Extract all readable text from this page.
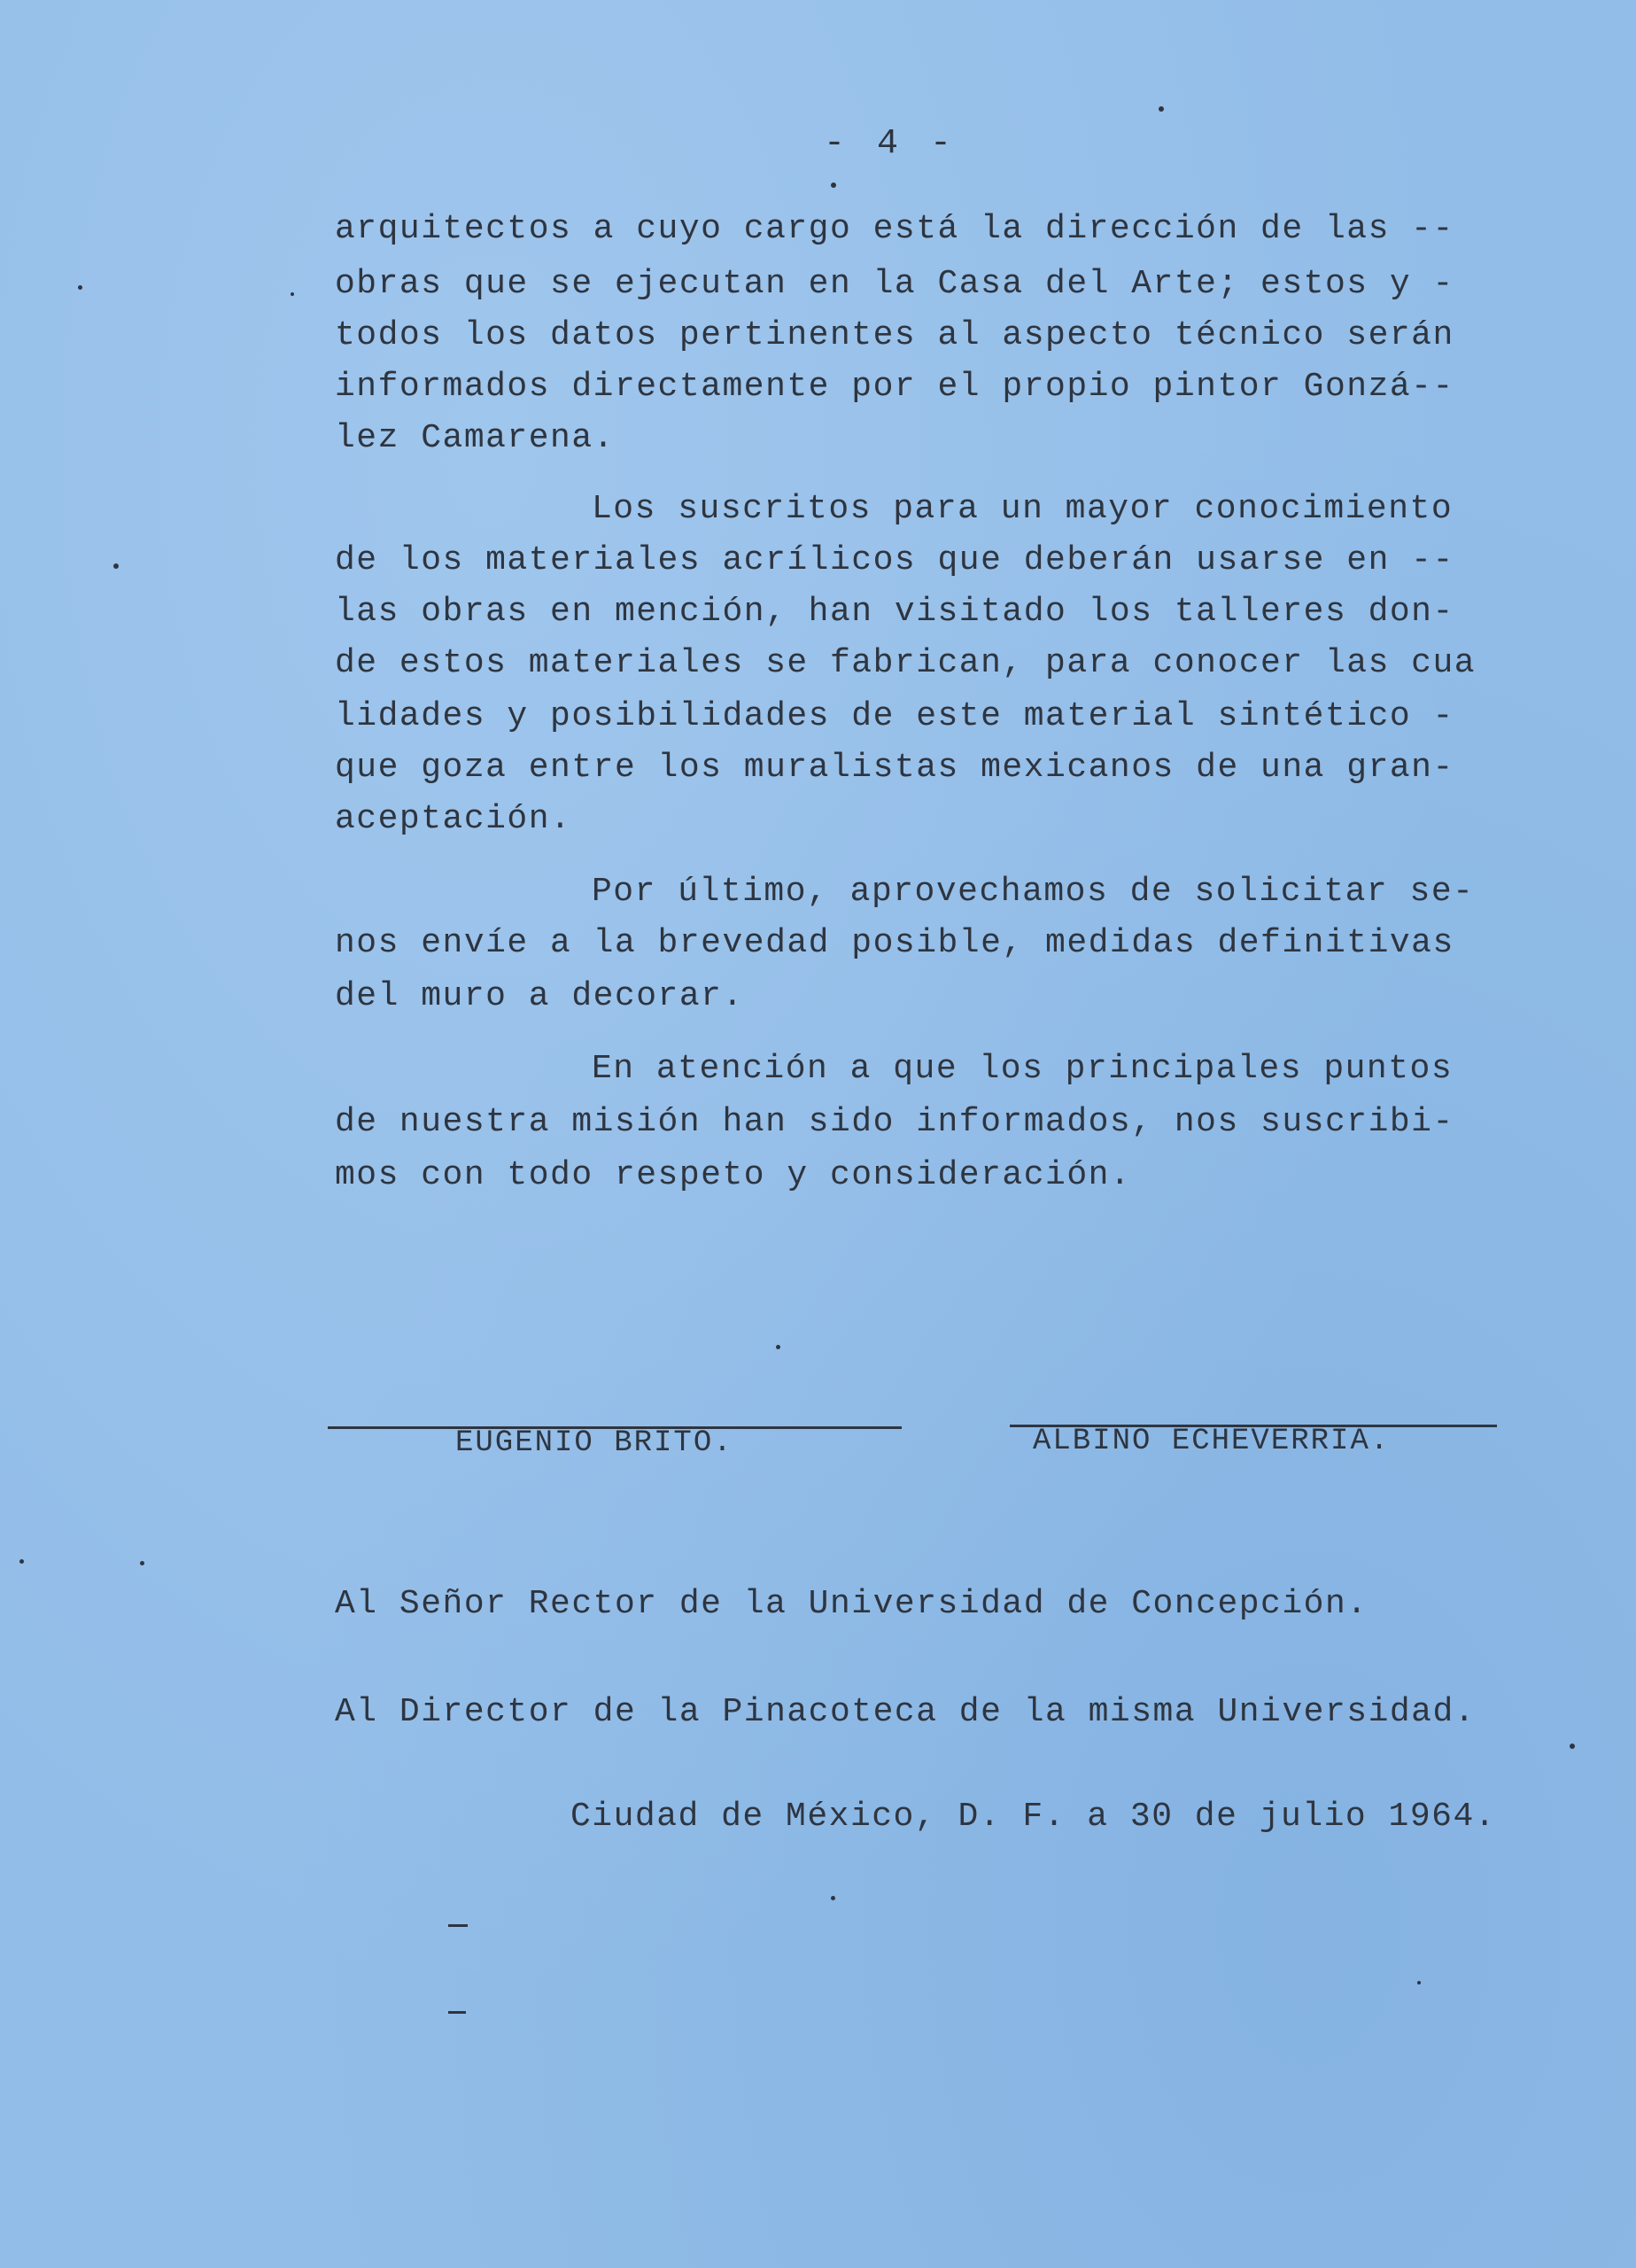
- 4 -
arquitectos a cuyo cargo está la dirección de las --
obras que se ejecutan en la Casa del Arte; estos y -
todos los datos pertinentes al aspecto técnico serán
informados directamente por el propio pintor Gonzá--
lez Camarena.
Los suscritos para un mayor conocimiento
de los materiales acrílicos que deberán usarse en --
las obras en mención, han visitado los talleres don-
de estos materiales se fabrican, para conocer las cua
lidades y posibilidades de este material sintético -
que goza entre los muralistas mexicanos de una gran-
aceptación.
Por último, aprovechamos de solicitar se-
nos envíe a la brevedad posible, medidas definitivas
del muro a decorar.
En atención a que los principales puntos
de nuestra misión han sido informados, nos suscribi-
mos con todo respeto y consideración.
EUGENIO BRITO.	ALBINO ECHEVERRIA.
Al Señor Rector de la Universidad de Concepción.
Al Director de la Pinacoteca de la misma Universidad.
Ciudad de México, D. F. a 30 de julio 1964.
